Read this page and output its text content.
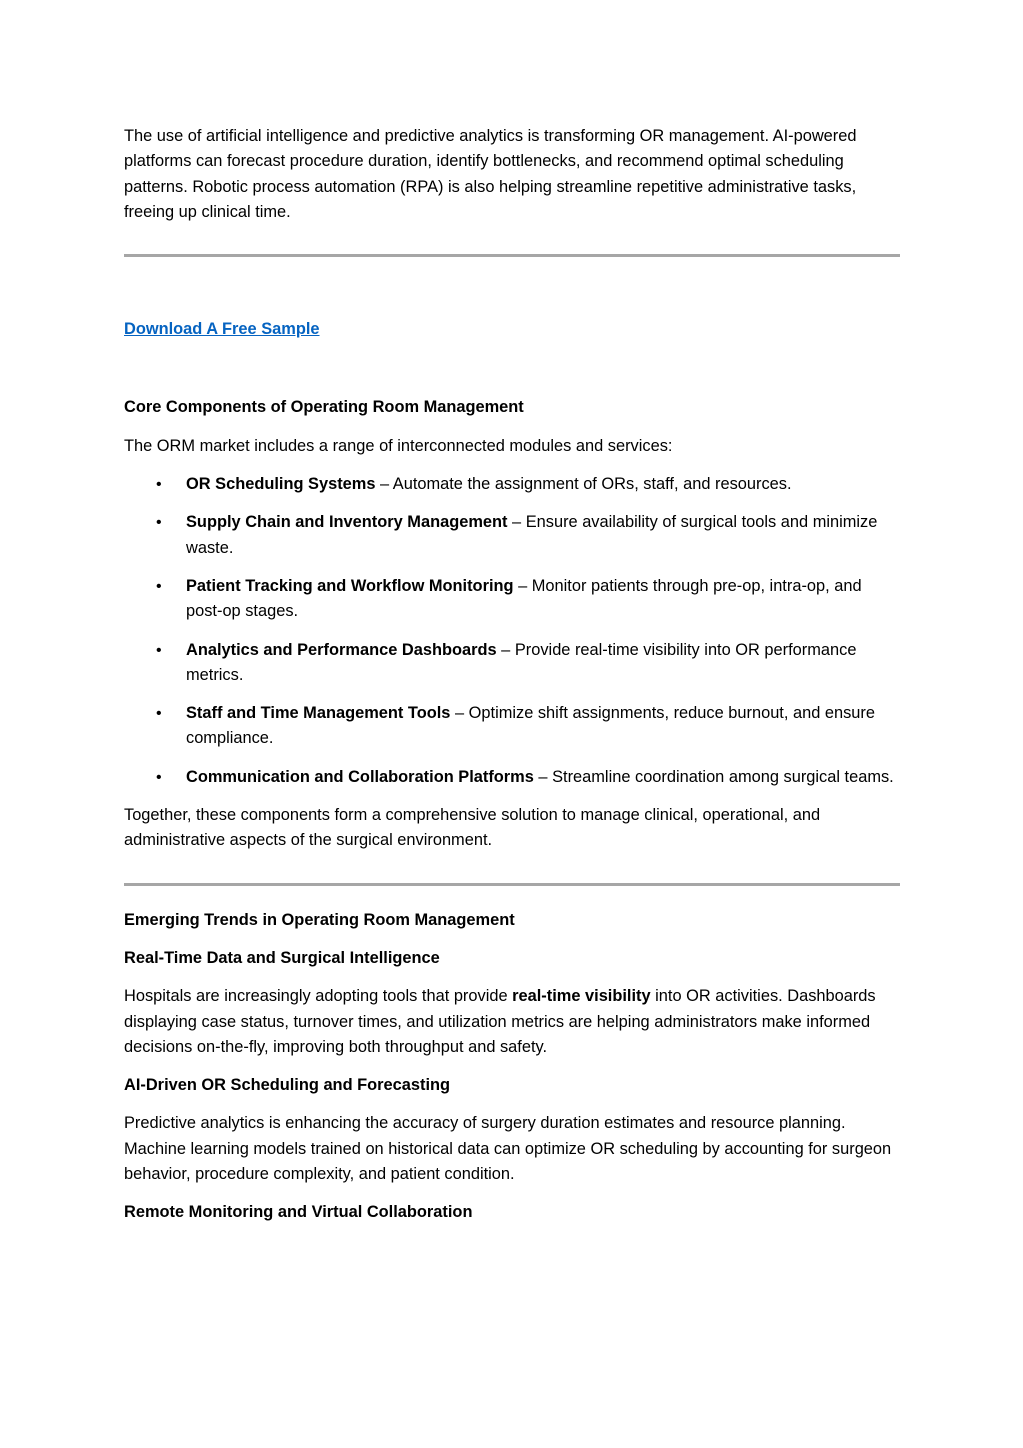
The use of artificial intelligence and predictive analytics is transforming OR management. AI-powered platforms can forecast procedure duration, identify bottlenecks, and recommend optimal scheduling patterns. Robotic process automation (RPA) is also helping streamline repetitive administrative tasks, freeing up clinical time.

Download A Free Sample

Core Components of Operating Room Management

The ORM market includes a range of interconnected modules and services:

• OR Scheduling Systems – Automate the assignment of ORs, staff, and resources.
• Supply Chain and Inventory Management – Ensure availability of surgical tools and minimize waste.
• Patient Tracking and Workflow Monitoring – Monitor patients through pre-op, intra-op, and post-op stages.
• Analytics and Performance Dashboards – Provide real-time visibility into OR performance metrics.
• Staff and Time Management Tools – Optimize shift assignments, reduce burnout, and ensure compliance.
• Communication and Collaboration Platforms – Streamline coordination among surgical teams.

Together, these components form a comprehensive solution to manage clinical, operational, and administrative aspects of the surgical environment.

Emerging Trends in Operating Room Management

Real-Time Data and Surgical Intelligence

Hospitals are increasingly adopting tools that provide real-time visibility into OR activities. Dashboards displaying case status, turnover times, and utilization metrics are helping administrators make informed decisions on-the-fly, improving both throughput and safety.

AI-Driven OR Scheduling and Forecasting

Predictive analytics is enhancing the accuracy of surgery duration estimates and resource planning. Machine learning models trained on historical data can optimize OR scheduling by accounting for surgeon behavior, procedure complexity, and patient condition.

Remote Monitoring and Virtual Collaboration
